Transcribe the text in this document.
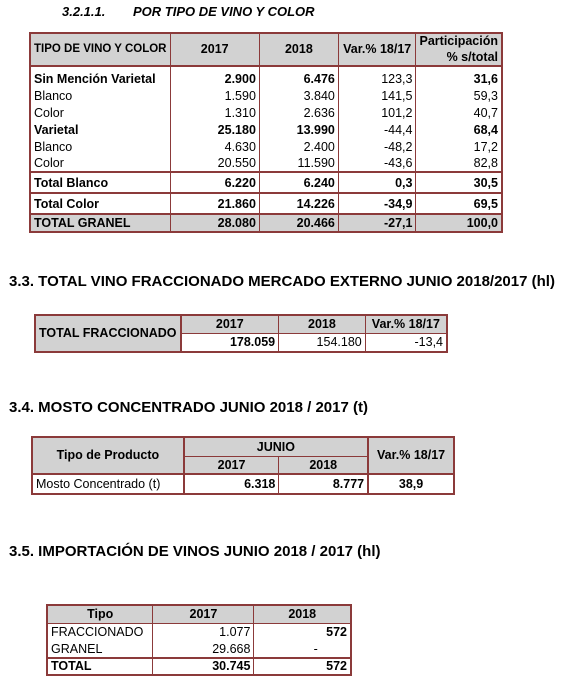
3.2.1.1. POR TIPO DE VINO Y COLOR
TIPO DE VINO Y COLOR	2017	2018	Var.% 18/17	Participación
% s/total

Sin Mención Varietal	2.900	6.476	123,3	31,6
Blanco	1.590	3.840	141,5	59,3
Color	1.310	2.636	101,2	40,7
Varietal	25.180	13.990	-44,4	68,4
Blanco	4.630	2.400	-48,2	17,2
Color	20.550	11.590	-43,6	82,8
Total Blanco	6.220	6.240	0,3	30,5
Total Color	21.860	14.226	-34,9	69,5
TOTAL GRANEL	28.080	20.466	-27,1	100,0
3.3. TOTAL VINO FRACCIONADO MERCADO EXTERNO JUNIO 2018/2017 (hl)
TOTAL FRACCIONADO	2017	2018	Var.% 18/17
	178.059	154.180	-13,4
3.4. MOSTO CONCENTRADO JUNIO 2018 / 2017 (t)
Tipo de Producto	JUNIO		Var.% 18/17
	2017	2018	
Mosto Concentrado (t)	6.318	8.777	38,9
3.5. IMPORTACIÓN DE VINOS JUNIO 2018 / 2017 (hl)
Tipo	2017	2018
FRACCIONADO	1.077	572
GRANEL	29.668	-
TOTAL	30.745	572
